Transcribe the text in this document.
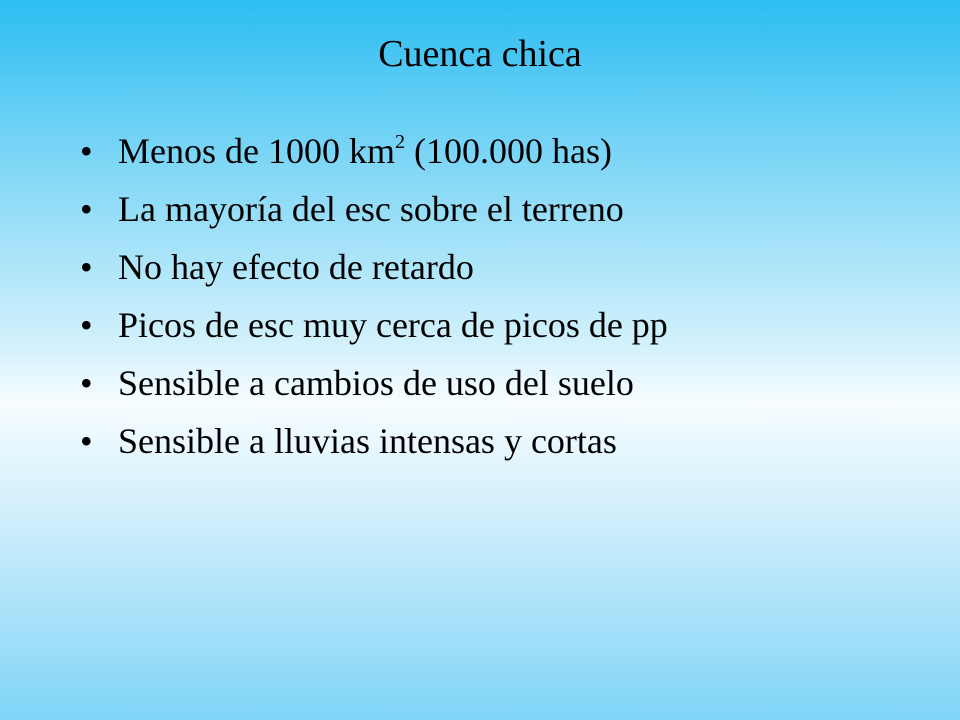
Cuenca chica
• Menos de 1000 $km^2$ (100.000 has)
• La mayoría del esc sobre el terreno
• No hay efecto de retardo
• Picos de esc muy cerca de picos de pp
• Sensible a cambios de uso del suelo
• Sensible a lluvias intensas y cortas
